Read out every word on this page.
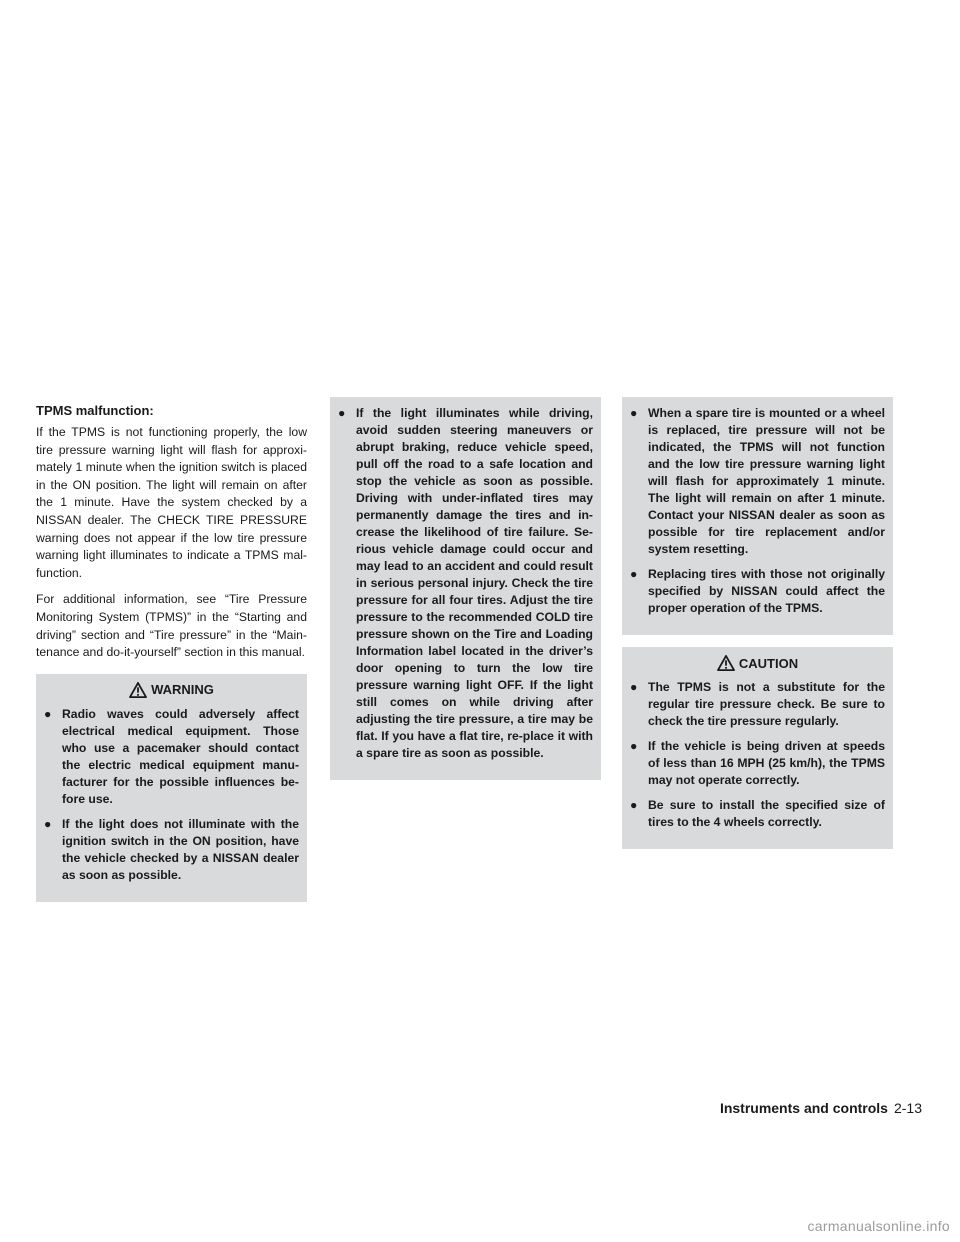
TPMS malfunction:

If the TPMS is not functioning properly, the low tire pressure warning light will flash for approxi-mately 1 minute when the ignition switch is placed in the ON position. The light will remain on after the 1 minute. Have the system checked by a NISSAN dealer. The CHECK TIRE PRESSURE warning does not appear if the low tire pressure warning light illuminates to indicate a TPMS mal-function.

For additional information, see “Tire Pressure Monitoring System (TPMS)” in the “Starting and driving” section and “Tire pressure” in the “Main-tenance and do-it-yourself” section in this manual.

WARNING
● Radio waves could adversely affect electrical medical equipment. Those who use a pacemaker should contact the electric medical equipment manu-facturer for the possible influences be-fore use.
● If the light does not illuminate with the ignition switch in the ON position, have the vehicle checked by a NISSAN dealer as soon as possible.
● If the light illuminates while driving, avoid sudden steering maneuvers or abrupt braking, reduce vehicle speed, pull off the road to a safe location and stop the vehicle as soon as possible. Driving with under-inflated tires may permanently damage the tires and in-crease the likelihood of tire failure. Se-rious vehicle damage could occur and may lead to an accident and could result in serious personal injury. Check the tire pressure for all four tires. Adjust the tire pressure to the recommended COLD tire pressure shown on the Tire and Loading Information label located in the driver’s door opening to turn the low tire pressure warning light OFF. If the light still comes on while driving after adjusting the tire pressure, a tire may be flat. If you have a flat tire, re-place it with a spare tire as soon as possible.
● When a spare tire is mounted or a wheel is replaced, tire pressure will not be indicated, the TPMS will not function and the low tire pressure warning light will flash for approximately 1 minute. The light will remain on after 1 minute. Contact your NISSAN dealer as soon as possible for tire replacement and/or system resetting.
● Replacing tires with those not originally specified by NISSAN could affect the proper operation of the TPMS.
CAUTION
● The TPMS is not a substitute for the regular tire pressure check. Be sure to check the tire pressure regularly.
● If the vehicle is being driven at speeds of less than 16 MPH (25 km/h), the TPMS may not operate correctly.
● Be sure to install the specified size of tires to the 4 wheels correctly.
Instruments and controls 2-13
carmanualsonline.info
